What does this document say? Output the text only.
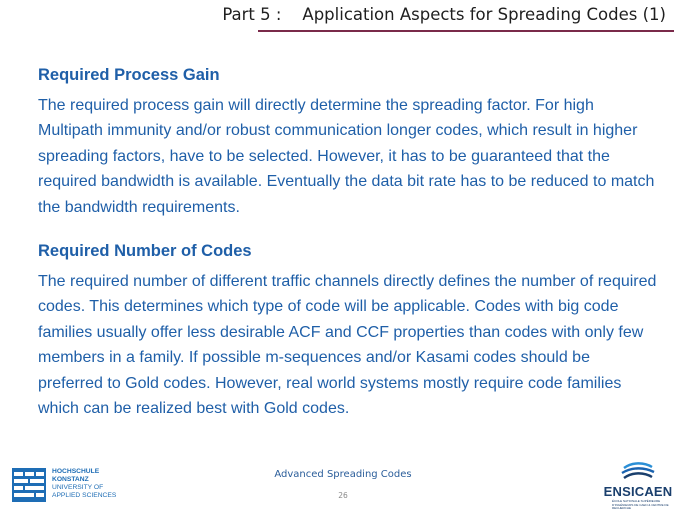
Part 5 :    Application Aspects for Spreading Codes (1)
Required Process Gain
The required process gain will directly determine the spreading factor. For high Multipath immunity and/or robust communication longer codes, which result in higher spreading factors, have to be selected. However, it has to be guaranteed that the required bandwidth is available. Eventually the data bit rate has to be reduced to match the bandwidth requirements.
Required Number of Codes
The required number of different traffic channels directly defines the number of required codes. This determines which type of code will be applicable. Codes with big code families usually offer less desirable ACF and CCF properties than codes with only few members in a family. If possible m-sequences and/or Kasami codes should be preferred to Gold codes. However, real world systems mostly require code families which can be realized best with Gold codes.
HOCHSCHULE
KONSTANZ
UNIVERSITY OF
APPLIED SCIENCES
Advanced Spreading Codes
26	ENSICAEN
ÉCOLE NATIONALE SUPÉRIEURE D'INGÉNIEURS DE CAEN & CENTRE DE RECHERCHE
